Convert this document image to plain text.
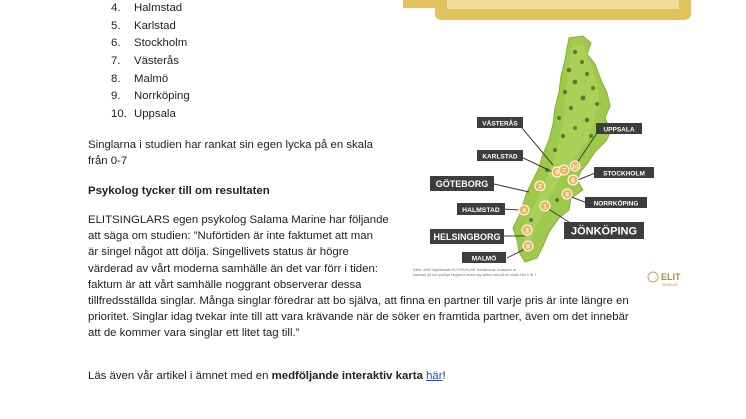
4.	Halmstad
5.	Karlstad
6.	Stockholm
7.	Västerås
8.	Malmö
9.	Norrköping
10. Uppsala
Singlarna i studien har rankat sin egen lycka på en skala
från 0-7
Psykolog tycker till om resultaten
ELITSINGLARS egen psykolog Salama Marine har följande
att säga om studien: ”Nuförtiden är inte faktumet att man
är singel något att dölja. Singellivets status är högre
värderad av vårt moderna samhälle än det var förr i tiden:
faktum är att vårt samhälle noggrant observerar dessa
tillfredsställda singlar. Många singlar föredrar att bo själva, att finna en partner till varje pris är inte längre en
prioritet. Singlar idag tvekar inte till att vara krävande när de söker en framtida partner, även om det innebär
att de kommer vara singlar ett litet tag till.”
Läs även vår artikel i ämnet med en medföljande interaktiv karta här!
VÄSTERÅS
UPPSALA
KARLSTAD
STOCKHOLM
GÖTEBORG
NORRKÖPING
HALMSTAD
JÖNKÖPING
HELSINGBORG
MALMÖ
1
2
3
4
5
6
7
8
9
10
Källa: 4952 registrerade ELITSINGLAR-medlemmar. Analysen är
baserad på hur lyckliga singlarna anser sig själva vara på en skala från 0 till 7	ELIT
SINGLAR
